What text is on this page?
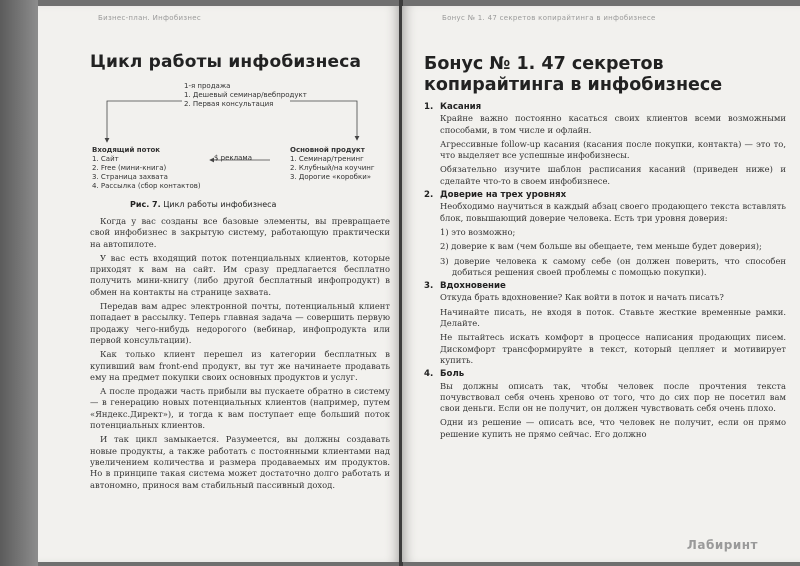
Бизнес-план. Инфобизнес
Цикл работы инфобизнеса
1-я продажа
1. Дешевый семинар/вебпродукт
2. Первая консультация
Входящий поток
1. Сайт
2. Free (мини-книга)
3. Страница захвата
4. Рассылка (сбор контактов)
$ реклама
Основной продукт
1. Семинар/тренинг
2. Клубный/на коучинг
3. Дорогие «коробки»
Рис. 7. Цикл работы инфобизнеса

Когда у вас созданы все базовые элементы, вы превращаете свой инфобизнес в закрытую систему, работающую практически на автопилоте.

У вас есть входящий поток потенциальных клиентов, которые приходят к вам на сайт. Им сразу предлагается бесплатно получить мини-книгу (либо другой бесплатный инфопродукт) в обмен на контакты на странице захвата.

Передав вам адрес электронной почты, потенциальный клиент попадает в рассылку. Теперь главная задача — совершить первую продажу чего-нибудь недорогого (вебинар, инфопродукта или первой консультации).

Как только клиент перешел из категории бесплатных в купивший вам front-end продукт, вы тут же начинаете продавать ему на предмет покупки своих основных продуктов и услуг.

А после продажи часть прибыли вы пускаете обратно в систему — в генерацию новых потенциальных клиентов (например, путем «Яндекс.Директ»), и тогда к вам поступает еще больший поток потенциальных клиентов.

И так цикл замыкается. Разумеется, вы должны создавать новые продукты, а также работать с постоянными клиентами над увеличением количества и размера продаваемых им продуктов. Но в принципе такая система может достаточно долго работать и автономно, принося вам стабильный пассивный доход.

Бонус № 1. 47 секретов копирайтинга в инфобизнесе
Бонус № 1. 47 секретов копирайтинга в инфобизнесе
1. Касания

Крайне важно постоянно касаться своих клиентов всеми возможными способами, в том числе и офлайн.

Агрессивные follow-up касания (касания после покупки, контакта) — это то, что выделяет все успешные инфобизнесы.

Обязательно изучите шаблон расписания касаний (приведен ниже) и сделайте что-то в своем инфобизнесе.

2. Доверие на трех уровнях

Необходимо научиться в каждый абзац своего продающего текста вставлять блок, повышающий доверие человека. Есть три уровня доверия:

1) это возможно;
2) доверие к вам (чем больше вы обещаете, тем меньше будет доверия);
3) доверие человека к самому себе (он должен поверить, что способен добиться решения своей проблемы с помощью покупки).
3. Вдохновение

Откуда брать вдохновение? Как войти в поток и начать писать?

Начинайте писать, не входя в поток. Ставьте жесткие временные рамки. Делайте.

Не пытайтесь искать комфорт в процессе написания продающих писем. Дискомфорт трансформируйте в текст, который цепляет и мотивирует купить.

4. Боль

Вы должны описать так, чтобы человек после прочтения текста почувствовал себя очень хреново от того, что до сих пор не посетил вам свои деньги. Если он не получит, он должен чувствовать себя очень плохо.

Одни из решение — описать все, что человек не получит, если он прямо решение купить не прямо сейчас. Его должно

Лабиринт
